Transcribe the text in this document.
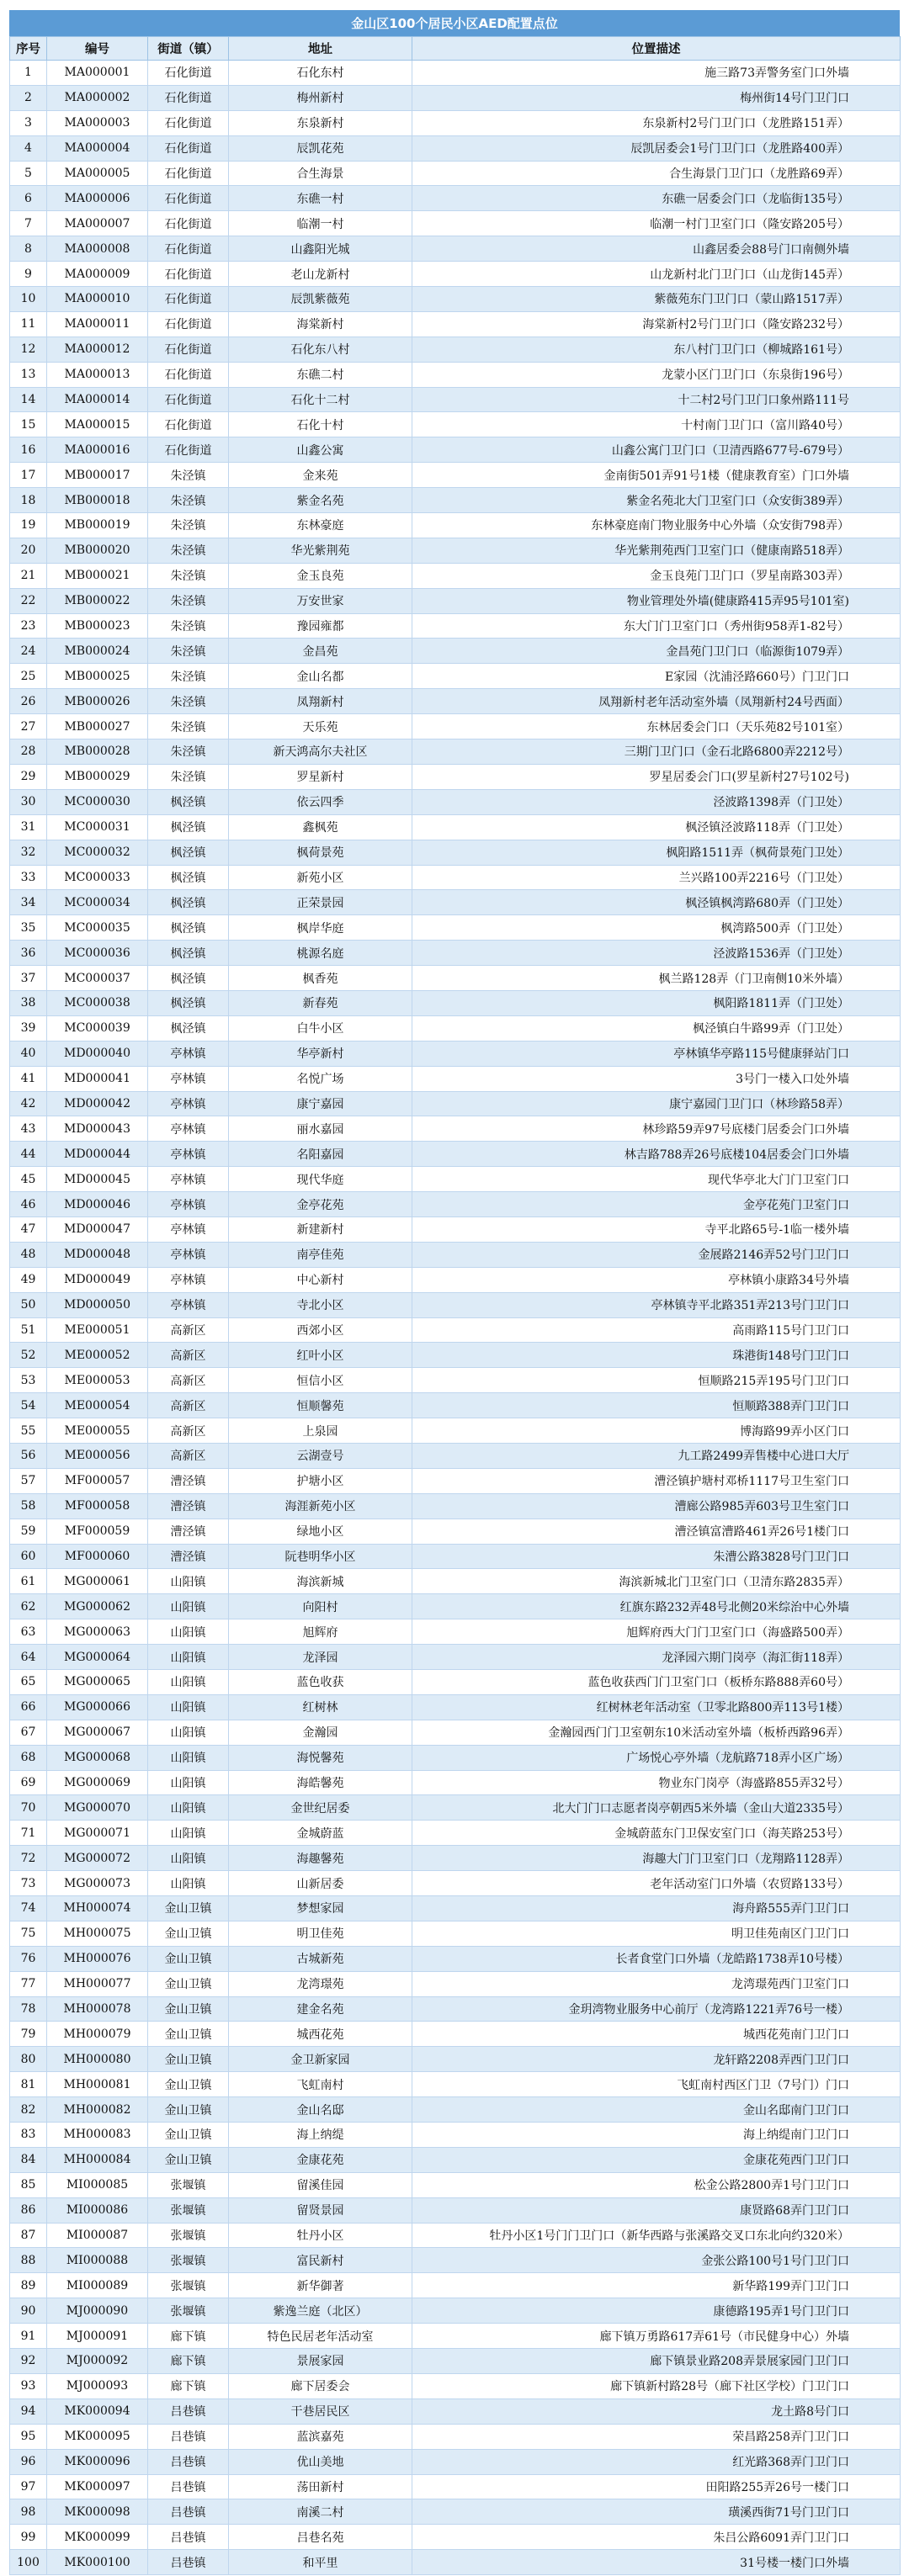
金山区100个居民小区AED配置点位
序号	编号	街道（镇）	地址	位置描述
1	MA000001	石化街道	石化东村	施三路73弄警务室门口外墙
2	MA000002	石化街道	梅州新村	梅州街14号门卫门口
3	MA000003	石化街道	东泉新村	东泉新村2号门卫门口（龙胜路151弄）
4	MA000004	石化街道	辰凯花苑	辰凯居委会1号门卫门口（龙胜路400弄）
5	MA000005	石化街道	合生海景	合生海景门卫门口（龙胜路69弄）
6	MA000006	石化街道	东礁一村	东礁一居委会门口（龙临街135号）
7	MA000007	石化街道	临潮一村	临潮一村门卫室门口（隆安路205号）
8	MA000008	石化街道	山鑫阳光城	山鑫居委会88号门口南侧外墙
9	MA000009	石化街道	老山龙新村	山龙新村北门卫门口（山龙街145弄）
10	MA000010	石化街道	辰凯紫薇苑	紫薇苑东门卫门口（蒙山路1517弄）
11	MA000011	石化街道	海棠新村	海棠新村2号门卫门口（隆安路232号）
12	MA000012	石化街道	石化东八村	东八村门卫门口（柳城路161号）
13	MA000013	石化街道	东礁二村	龙蒙小区门卫门口（东泉街196号）
14	MA000014	石化街道	石化十二村	十二村2号门卫门口象州路111号
15	MA000015	石化街道	石化十村	十村南门卫门口（富川路40号）
16	MA000016	石化街道	山鑫公寓	山鑫公寓门卫门口（卫清西路677号-679号）
17	MB000017	朱泾镇	金来苑	金南街501弄91号1楼（健康教育室）门口外墙
18	MB000018	朱泾镇	紫金名苑	紫金名苑北大门卫室门口（众安街389弄）
19	MB000019	朱泾镇	东林豪庭	东林豪庭南门物业服务中心外墙（众安街798弄）
20	MB000020	朱泾镇	华光紫荆苑	华光紫荆苑西门卫室门口（健康南路518弄）
21	MB000021	朱泾镇	金玉良苑	金玉良苑门卫门口（罗星南路303弄）
22	MB000022	朱泾镇	万安世家	物业管理处外墙(健康路415弄95号101室)
23	MB000023	朱泾镇	豫园雍都	东大门门卫室门口（秀州街958弄1-82号）
24	MB000024	朱泾镇	金昌苑	金昌苑门卫门口（临源街1079弄）
25	MB000025	朱泾镇	金山名都	E家园（沈浦泾路660号）门卫门口
26	MB000026	朱泾镇	凤翔新村	凤翔新村老年活动室外墙（凤翔新村24号西面）
27	MB000027	朱泾镇	天乐苑	东林居委会门口（天乐苑82号101室）
28	MB000028	朱泾镇	新天鸿高尔夫社区	三期门卫门口（金石北路6800弄2212号）
29	MB000029	朱泾镇	罗星新村	罗星居委会门口(罗星新村27号102号)
30	MC000030	枫泾镇	依云四季	泾波路1398弄（门卫处）
31	MC000031	枫泾镇	鑫枫苑	枫泾镇泾波路118弄（门卫处）
32	MC000032	枫泾镇	枫荷景苑	枫阳路1511弄（枫荷景苑门卫处）
33	MC000033	枫泾镇	新苑小区	兰兴路100弄2216号（门卫处）
34	MC000034	枫泾镇	正荣景园	枫泾镇枫湾路680弄（门卫处）
35	MC000035	枫泾镇	枫岸华庭	枫湾路500弄（门卫处）
36	MC000036	枫泾镇	桃源名庭	泾波路1536弄（门卫处）
37	MC000037	枫泾镇	枫香苑	枫兰路128弄（门卫南侧10米外墙）
38	MC000038	枫泾镇	新春苑	枫阳路1811弄（门卫处）
39	MC000039	枫泾镇	白牛小区	枫泾镇白牛路99弄（门卫处）
40	MD000040	亭林镇	华亭新村	亭林镇华亭路115号健康驿站门口
41	MD000041	亭林镇	名悦广场	3号门一楼入口处外墙
42	MD000042	亭林镇	康宁嘉园	康宁嘉园门卫门口（林珍路58弄）
43	MD000043	亭林镇	丽水嘉园	林珍路59弄97号底楼门居委会门口外墙
44	MD000044	亭林镇	名阳嘉园	林吉路788弄26号底楼104居委会门口外墙
45	MD000045	亭林镇	现代华庭	现代华亭北大门门卫室门口
46	MD000046	亭林镇	金亭花苑	金亭花苑门卫室门口
47	MD000047	亭林镇	新建新村	寺平北路65号-1临一楼外墙
48	MD000048	亭林镇	南亭佳苑	金展路2146弄52号门卫门口
49	MD000049	亭林镇	中心新村	亭林镇小康路34号外墙
50	MD000050	亭林镇	寺北小区	亭林镇寺平北路351弄213号门卫门口
51	ME000051	高新区	西郊小区	高雨路115号门卫门口
52	ME000052	高新区	红叶小区	珠港街148号门卫门口
53	ME000053	高新区	恒信小区	恒顺路215弄195号门卫门口
54	ME000054	高新区	恒顺馨苑	恒顺路388弄门卫门口
55	ME000055	高新区	上泉园	博海路99弄小区门口
56	ME000056	高新区	云湖壹号	九工路2499弄售楼中心进口大厅
57	MF000057	漕泾镇	护塘小区	漕泾镇护塘村邓桥1117号卫生室门口
58	MF000058	漕泾镇	海涯新苑小区	漕廊公路985弄603号卫生室门口
59	MF000059	漕泾镇	绿地小区	漕泾镇富漕路461弄26号1楼门口
60	MF000060	漕泾镇	阮巷明华小区	朱漕公路3828号门卫门口
61	MG000061	山阳镇	海滨新城	海滨新城北门卫室门口（卫清东路2835弄）
62	MG000062	山阳镇	向阳村	红旗东路232弄48号北侧20米综治中心外墙
63	MG000063	山阳镇	旭辉府	旭辉府西大门门卫室门口（海盛路500弄）
64	MG000064	山阳镇	龙泽园	龙泽园六期门岗亭（海汇街118弄）
65	MG000065	山阳镇	蓝色收获	蓝色收获西门门卫室门口（板桥东路888弄60号）
66	MG000066	山阳镇	红树林	红树林老年活动室（卫零北路800弄113号1楼）
67	MG000067	山阳镇	金瀚园	金瀚园西门门卫室朝东10米活动室外墙（板桥西路96弄）
68	MG000068	山阳镇	海悦馨苑	广场悦心亭外墙（龙航路718弄小区广场）
69	MG000069	山阳镇	海皓馨苑	物业东门岗亭（海盛路855弄32号）
70	MG000070	山阳镇	金世纪居委	北大门门口志愿者岗亭朝西5米外墙（金山大道2335号）
71	MG000071	山阳镇	金城蔚蓝	金城蔚蓝东门卫保安室门口（海芙路253号）
72	MG000072	山阳镇	海趣馨苑	海趣大门门卫室门口（龙翔路1128弄）
73	MG000073	山阳镇	山新居委	老年活动室门口外墙（农贸路133号）
74	MH000074	金山卫镇	梦想家园	海舟路555弄门卫门口
75	MH000075	金山卫镇	明卫佳苑	明卫佳苑南区门卫门口
76	MH000076	金山卫镇	古城新苑	长者食堂门口外墙（龙皓路1738弄10号楼）
77	MH000077	金山卫镇	龙湾璟苑	龙湾璟苑西门卫室门口
78	MH000078	金山卫镇	建金名苑	金玥湾物业服务中心前厅（龙湾路1221弄76号一楼）
79	MH000079	金山卫镇	城西花苑	城西花苑南门卫门口
80	MH000080	金山卫镇	金卫新家园	龙轩路2208弄西门卫门口
81	MH000081	金山卫镇	飞虹南村	飞虹南村西区门卫（7号门）门口
82	MH000082	金山卫镇	金山名邸	金山名邸南门卫门口
83	MH000083	金山卫镇	海上纳缇	海上纳缇南门卫门口
84	MH000084	金山卫镇	金康花苑	金康花苑西门卫门口
85	MI000085	张堰镇	留溪佳园	松金公路2800弄1号门卫门口
86	MI000086	张堰镇	留贤景园	康贤路68弄门卫门口
87	MI000087	张堰镇	牡丹小区	牡丹小区1号门门卫门口（新华西路与张溪路交叉口东北向约320米）
88	MI000088	张堰镇	富民新村	金张公路100号1号门卫门口
89	MI000089	张堰镇	新华御著	新华路199弄门卫门口
90	MJ000090	张堰镇	紫逸兰庭（北区）	康德路195弄1号门卫门口
91	MJ000091	廊下镇	特色民居老年活动室	廊下镇万勇路617弄61号（市民健身中心）外墙
92	MJ000092	廊下镇	景展家园	廊下镇景业路208弄景展家园门卫门口
93	MJ000093	廊下镇	廊下居委会	廊下镇新村路28号（廊下社区学校）门卫门口
94	MK000094	吕巷镇	干巷居民区	龙土路8号门口
95	MK000095	吕巷镇	蓝滨嘉苑	荣昌路258弄门卫门口
96	MK000096	吕巷镇	优山美地	红光路368弄门卫门口
97	MK000097	吕巷镇	荡田新村	田阳路255弄26号一楼门口
98	MK000098	吕巷镇	南溪二村	璜溪西街71号门卫门口
99	MK000099	吕巷镇	吕巷名苑	朱吕公路6091弄门卫门口
100	MK000100	吕巷镇	和平里	31号楼一楼门口外墙
